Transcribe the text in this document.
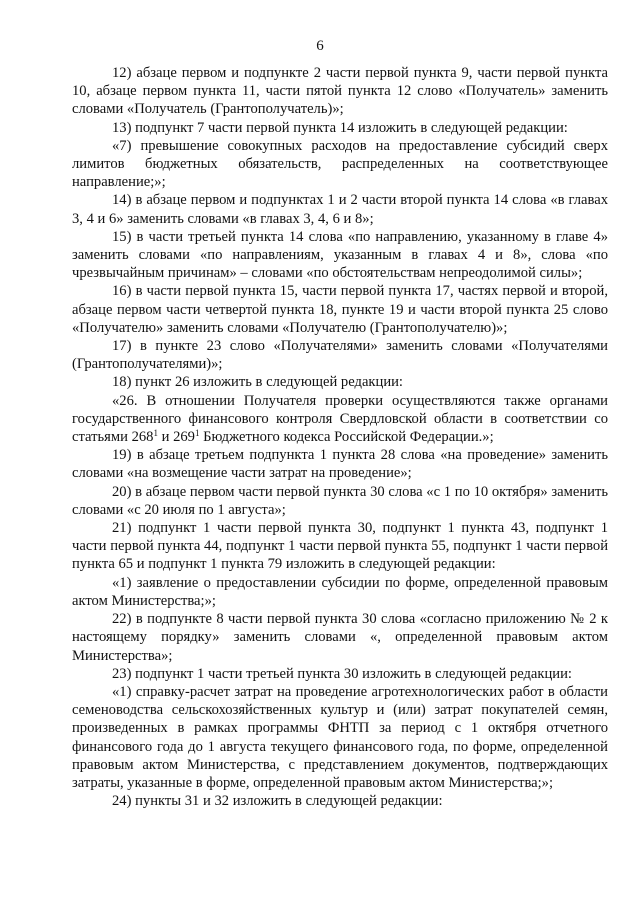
6

12) абзаце первом и подпункте 2 части первой пункта 9, части первой пункта 10, абзаце первом пункта 11, части пятой пункта 12 слово «Получатель» заменить словами «Получатель (Грантополучатель)»;

13) подпункт 7 части первой пункта 14 изложить в следующей редакции:

«7) превышение совокупных расходов на предоставление субсидий сверх лимитов бюджетных обязательств, распределенных на соответствующее направление;»;

14) в абзаце первом и подпунктах 1 и 2 части второй пункта 14 слова «в главах 3, 4 и 6» заменить словами «в главах 3, 4, 6 и 8»;

15) в части третьей пункта 14 слова «по направлению, указанному в главе 4» заменить словами «по направлениям, указанным в главах 4 и 8», слова «по чрезвычайным причинам» – словами «по обстоятельствам непреодолимой силы»;

16) в части первой пункта 15, части первой пункта 17, частях первой и второй, абзаце первом части четвертой пункта 18, пункте 19 и части второй пункта 25 слово «Получателю» заменить словами «Получателю (Грантополучателю)»;

17) в пункте 23 слово «Получателями» заменить словами «Получателями (Грантополучателями)»;

18) пункт 26 изложить в следующей редакции:

«26. В отношении Получателя проверки осуществляются также органами государственного финансового контроля Свердловской области в соответствии со статьями $268^1$ и $269^1$ Бюджетного кодекса Российской Федерации.»;

19) в абзаце третьем подпункта 1 пункта 28 слова «на проведение» заменить словами «на возмещение части затрат на проведение»;

20) в абзаце первом части первой пункта 30 слова «с 1 по 10 октября» заменить словами «с 20 июля по 1 августа»;

21) подпункт 1 части первой пункта 30, подпункт 1 пункта 43, подпункт 1 части первой пункта 44, подпункт 1 части первой пункта 55, подпункт 1 части первой пункта 65 и подпункт 1 пункта 79 изложить в следующей редакции:

«1) заявление о предоставлении субсидии по форме, определенной правовым актом Министерства;»;

22) в подпункте 8 части первой пункта 30 слова «согласно приложению № 2 к настоящему порядку» заменить словами «, определенной правовым актом Министерства»;

23) подпункт 1 части третьей пункта 30 изложить в следующей редакции:

«1) справку-расчет затрат на проведение агротехнологических работ в области семеноводства сельскохозяйственных культур и (или) затрат покупателей семян, произведенных в рамках программы ФНТП за период с 1 октября отчетного финансового года до 1 августа текущего финансового года, по форме, определенной правовым актом Министерства, с представлением документов, подтверждающих затраты, указанные в форме, определенной правовым актом Министерства;»;

24) пункты 31 и 32 изложить в следующей редакции:
